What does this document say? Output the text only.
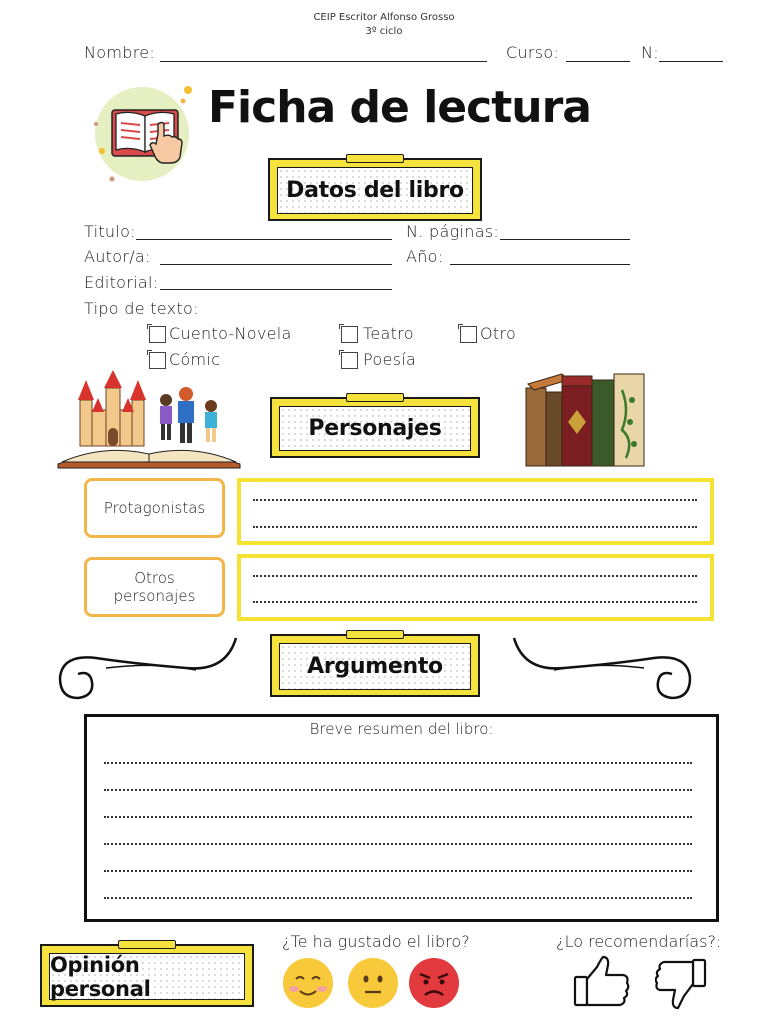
CEIP Escritor Alfonso Grosso
3º ciclo
Nombre:	Curso:	N:
Ficha de lectura
Datos del libro
Titulo:	N. páginas:
Autor/a:	Año:
Editorial:
Tipo de texto:
Cuento-Novela	Teatro	Otro
Cómic	Poesía
Personajes
Protagonistas
Otros personajes
Argumento
Breve resumen del libro:
Opinión personal
¿Te ha gustado el libro?	¿Lo recomendarías?:
